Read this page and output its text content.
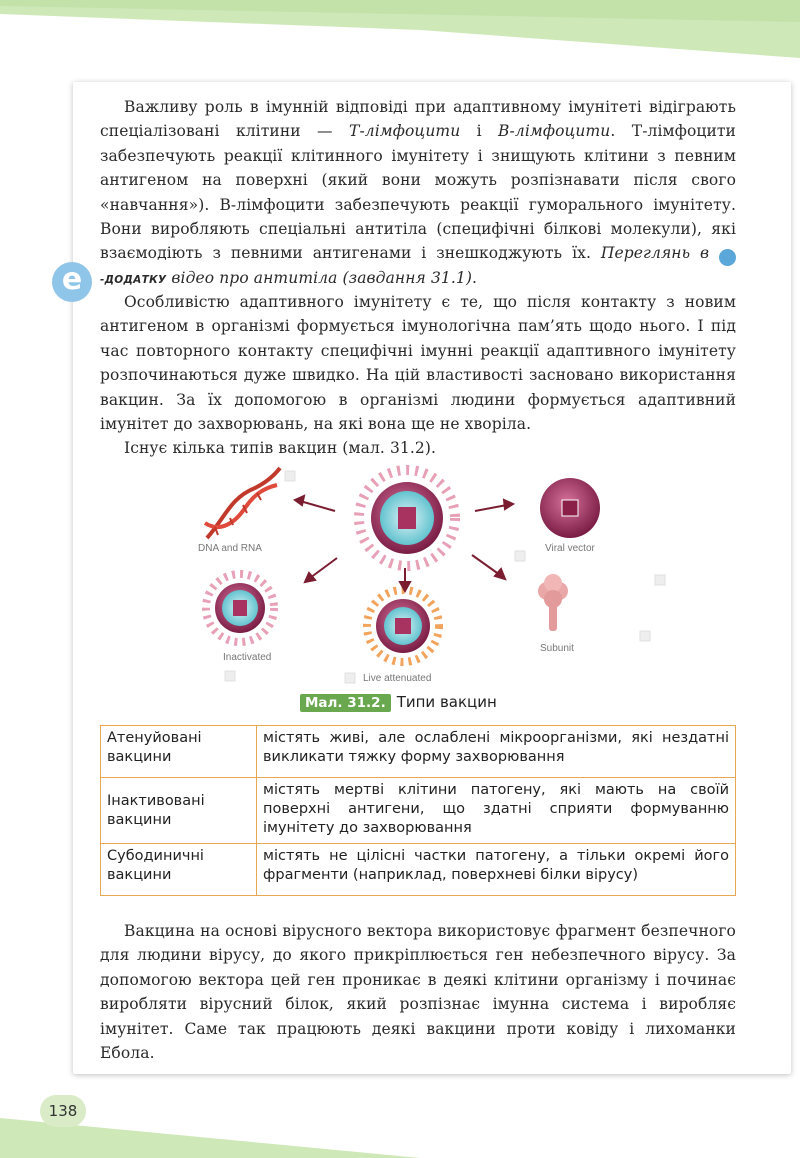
e

Важливу роль в імунній відповіді при адаптивному імунітеті відіграють спеціалізовані клітини — Т-лімфоцити і В-лімфоцити. Т-лімфоцити забезпечують реакції клітинного імунітету і знищують клітини з певним антигеном на поверхні (який вони можуть розпізнавати після свого «навчання»). В-лімфоцити забезпечують реакції гуморального імунітету. Вони виробляють спеціальні антитіла (специфічні білкові молекули), які взаємодіють з певними антигенами і знешкоджують їх. Переглянь в e-ДОДАТКУ відео про антитіла (завдання 31.1).

Особливістю адаптивного імунітету є те, що після контакту з новим антигеном в організмі формується імунологічна пам’ять щодо нього. І під час повторного контакту специфічні імунні реакції адаптивного імунітету розпочинаються дуже швидко. На цій властивості засновано використання вакцин. За їх допомогою в організмі людини формується адаптивний імунітет до захворювань, на які вона ще не хворіла.

Існує кілька типів вакцин (мал. 31.2).

DNA and RNA	Viral vector
Inactivated
Live attenuated
Subunit
Мал. 31.2. Типи вакцин
Атенуйовані вакцини	містять живі, але ослаблені мікроорганізми, які нездатні викликати тяжку форму захворювання
Інактивовані вакцини	містять мертві клітини патогену, які мають на своїй поверхні антигени, що здатні сприяти формуванню імунітету до захворювання
Субодиничні вакцини	містять не цілісні частки патогену, а тільки окремі його фрагменти (наприклад, поверхневі білки вірусу)

Вакцина на основі вірусного вектора використовує фрагмент безпечного для людини вірусу, до якого прикріплюється ген небезпечного вірусу. За допомогою вектора цей ген проникає в деякі клітини організму і починає виробляти вірусний білок, який розпізнає імунна система і виробляє імунітет. Саме так працюють деякі вакцини проти ковіду і лихоманки Ебола.

138
